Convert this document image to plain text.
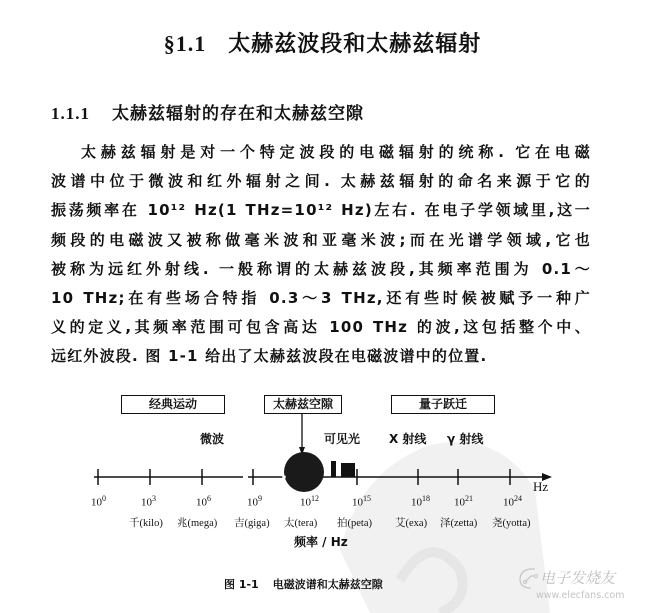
§1.1 太赫兹波段和太赫兹辐射
1.1.1 太赫兹辐射的存在和太赫兹空隙
太赫兹辐射是对一个特定波段的电磁辐射的统称. 它在电磁
波谱中位于微波和红外辐射之间. 太赫兹辐射的命名来源于它的
振荡频率在 10¹² Hz(1 THz=10¹² Hz)左右. 在电子学领域里,这一
频段的电磁波又被称做毫米波和亚毫米波;而在光谱学领域,它也
被称为远红外射线. 一般称谓的太赫兹波段,其频率范围为 0.1～
10 THz;在有些场合特指 0.3～3 THz,还有些时候被赋予一种广
义的定义,其频率范围可包含高达 100 THz 的波,这包括整个中、
远红外波段. 图 1-1 给出了太赫兹波段在电磁波谱中的位置.
经典运动	太赫兹空隙	量子跃迁
微波	可见光 X 射线 γ 射线
Hz
$10^0$	$10^3$	$10^6$	$10^9$	$10^{12}$	$10^{15}$	$10^{18}$ $10^{21}$	$10^{24}$
千(kilo) 兆(mega) 吉(giga) 太(tera) 拍(peta) 艾(exa) 泽(zetta) 尧(yotta)
频率 / Hz
图 1-1 电磁波谱和太赫兹空隙	电子发烧友
www.elecfans.com
